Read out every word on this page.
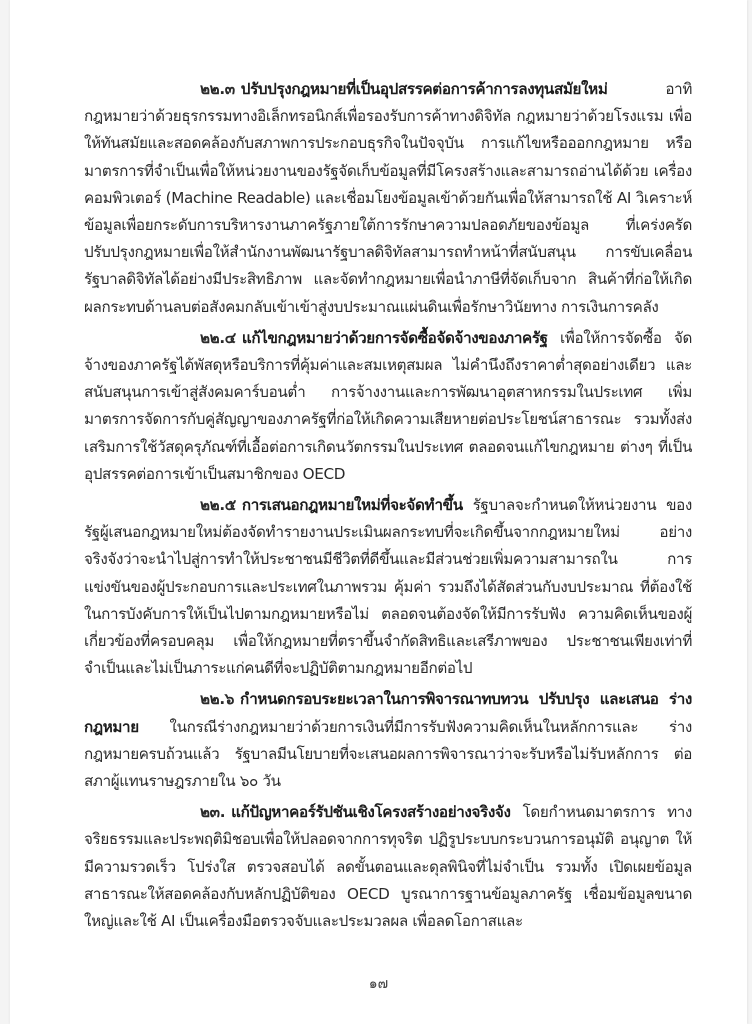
๒๒.๓ ปรับปรุงกฎหมายที่เป็นอุปสรรคต่อการค้าการลงทุนสมัยใหม่ อาทิ กฎหมายว่าด้วยธุรกรรมทางอิเล็กทรอนิกส์เพื่อรองรับการค้าทางดิจิทัล กฎหมายว่าด้วยโรงแรม เพื่อให้ทันสมัยและสอดคล้องกับสภาพการประกอบธุรกิจในปัจจุบัน การแก้ไขหรือออกกฎหมาย หรือมาตรการที่จำเป็นเพื่อให้หน่วยงานของรัฐจัดเก็บข้อมูลที่มีโครงสร้างและสามารถอ่านได้ด้วย เครื่องคอมพิวเตอร์ (Machine Readable) และเชื่อมโยงข้อมูลเข้าด้วยกันเพื่อให้สามารถใช้ AI วิเคราะห์ข้อมูลเพื่อยกระดับการบริหารงานภาครัฐภายใต้การรักษาความปลอดภัยของข้อมูล ที่เคร่งครัด ปรับปรุงกฎหมายเพื่อให้สำนักงานพัฒนารัฐบาลดิจิทัลสามารถทำหน้าที่สนับสนุน การขับเคลื่อนรัฐบาลดิจิทัลได้อย่างมีประสิทธิภาพ และจัดทำกฎหมายเพื่อนำภาษีที่จัดเก็บจาก สินค้าที่ก่อให้เกิดผลกระทบด้านลบต่อสังคมกลับเข้าเข้าสู่งบประมาณแผ่นดินเพื่อรักษาวินัยทาง การเงินการคลัง

๒๒.๔ แก้ไขกฎหมายว่าด้วยการจัดซื้อจัดจ้างของภาครัฐ เพื่อให้การจัดซื้อ จัดจ้างของภาครัฐได้พัสดุหรือบริการที่คุ้มค่าและสมเหตุสมผล ไม่คำนึงถึงราคาต่ำสุดอย่างเดียว และสนับสนุนการเข้าสู่สังคมคาร์บอนต่ำ การจ้างงานและการพัฒนาอุตสาหกรรมในประเทศ เพิ่มมาตรการจัดการกับคู่สัญญาของภาครัฐที่ก่อให้เกิดความเสียหายต่อประโยชน์สาธารณะ รวมทั้งส่งเสริมการใช้วัสดุครุภัณฑ์ที่เอื้อต่อการเกิดนวัตกรรมในประเทศ ตลอดจนแก้ไขกฎหมาย ต่างๆ ที่เป็นอุปสรรคต่อการเข้าเป็นสมาชิกของ OECD

๒๒.๕ การเสนอกฎหมายใหม่ที่จะจัดทำขึ้น รัฐบาลจะกำหนดให้หน่วยงาน ของรัฐผู้เสนอกฎหมายใหม่ต้องจัดทำรายงานประเมินผลกระทบที่จะเกิดขึ้นจากกฎหมายใหม่ อย่างจริงจังว่าจะนำไปสู่การทำให้ประชาชนมีชีวิตที่ดีขึ้นและมีส่วนช่วยเพิ่มความสามารถใน การแข่งขันของผู้ประกอบการและประเทศในภาพรวม คุ้มค่า รวมถึงได้สัดส่วนกับงบประมาณ ที่ต้องใช้ในการบังคับการให้เป็นไปตามกฎหมายหรือไม่ ตลอดจนต้องจัดให้มีการรับฟัง ความคิดเห็นของผู้เกี่ยวข้องที่ครอบคลุม เพื่อให้กฎหมายที่ตราขึ้นจำกัดสิทธิและเสรีภาพของ ประชาชนเพียงเท่าที่จำเป็นและไม่เป็นภาระแก่คนดีที่จะปฏิบัติตามกฎหมายอีกต่อไป

๒๒.๖ กำหนดกรอบระยะเวลาในการพิจารณาทบทวน ปรับปรุง และเสนอ ร่างกฎหมาย ในกรณีร่างกฎหมายว่าด้วยการเงินที่มีการรับฟังความคิดเห็นในหลักการและ ร่างกฎหมายครบถ้วนแล้ว รัฐบาลมีนโยบายที่จะเสนอผลการพิจารณาว่าจะรับหรือไม่รับหลักการ ต่อสภาผู้แทนราษฎรภายใน ๖๐ วัน

๒๓. แก้ปัญหาคอร์รัปชันเชิงโครงสร้างอย่างจริงจัง โดยกำหนดมาตรการ ทางจริยธรรมและประพฤติมิชอบเพื่อให้ปลอดจากการทุจริต ปฏิรูประบบกระบวนการอนุมัติ อนุญาต ให้มีความรวดเร็ว โปร่งใส ตรวจสอบได้ ลดขั้นตอนและดุลพินิจที่ไม่จำเป็น รวมทั้ง เปิดเผยข้อมูลสาธารณะให้สอดคล้องกับหลักปฏิบัติของ OECD บูรณาการฐานข้อมูลภาครัฐ เชื่อมข้อมูลขนาดใหญ่และใช้ AI เป็นเครื่องมือตรวจจับและประมวลผล เพื่อลดโอกาสและ

๑๗
